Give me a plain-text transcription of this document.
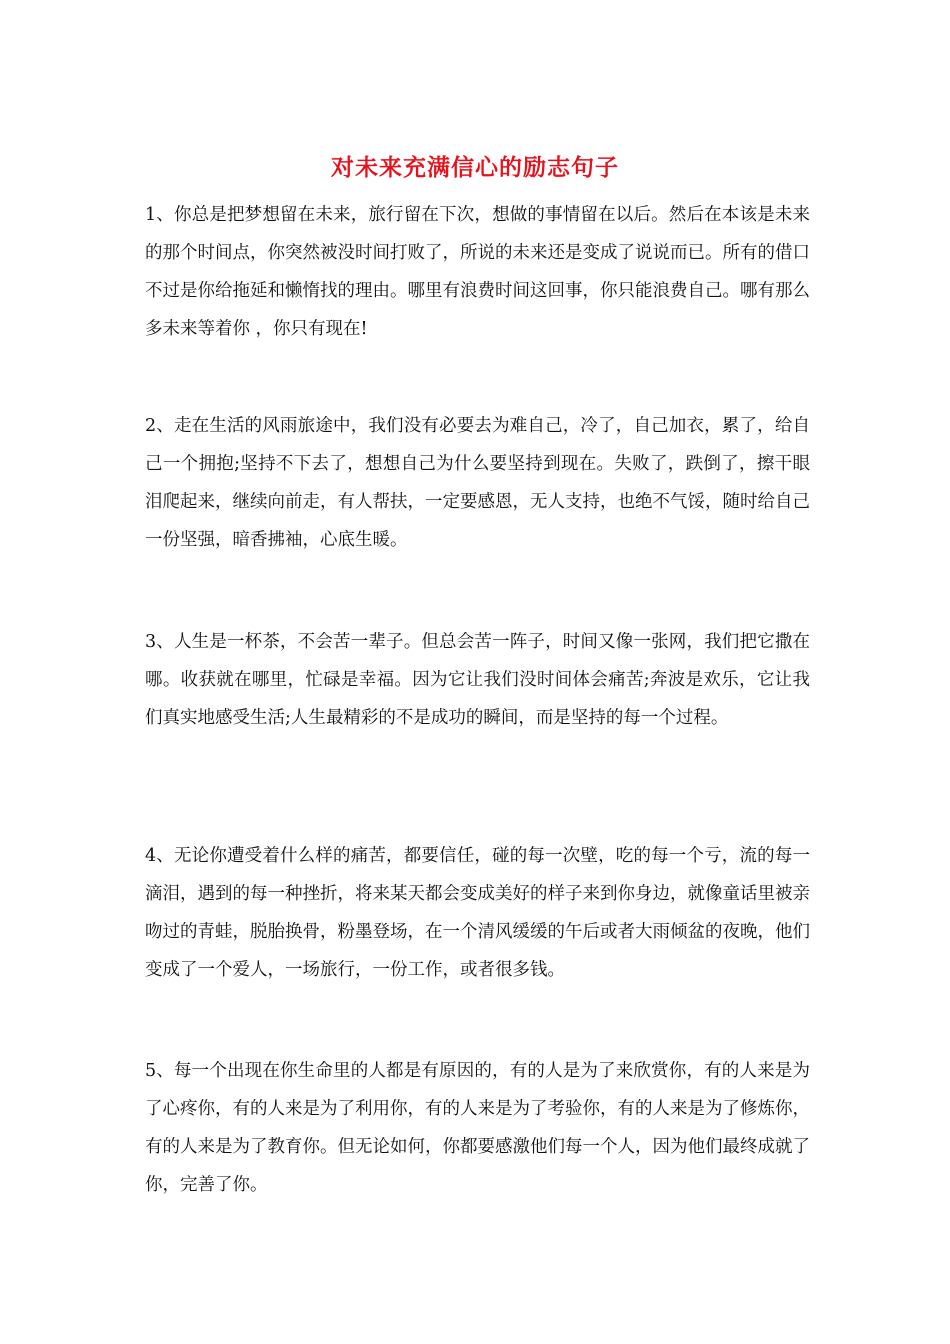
对未来充满信心的励志句子

1、你总是把梦想留在未来，旅行留在下次，想做的事情留在以后。然后在本该是未来的那个时间点，你突然被没时间打败了，所说的未来还是变成了说说而已。所有的借口不过是你给拖延和懒惰找的理由。哪里有浪费时间这回事，你只能浪费自己。哪有那么多未来等着你 ，你只有现在!

2、走在生活的风雨旅途中，我们没有必要去为难自己，冷了，自己加衣，累了，给自己一个拥抱;坚持不下去了，想想自己为什么要坚持到现在。失败了，跌倒了，擦干眼泪爬起来，继续向前走，有人帮扶，一定要感恩，无人支持，也绝不气馁，随时给自己一份坚强，暗香拂袖，心底生暖。

3、人生是一杯茶，不会苦一辈子。但总会苦一阵子，时间又像一张网，我们把它撒在哪。收获就在哪里，忙碌是幸福。因为它让我们没时间体会痛苦;奔波是欢乐，它让我们真实地感受生活;人生最精彩的不是成功的瞬间，而是坚持的每一个过程。

4、无论你遭受着什么样的痛苦，都要信任，碰的每一次壁，吃的每一个亏，流的每一滴泪，遇到的每一种挫折，将来某天都会变成美好的样子来到你身边，就像童话里被亲吻过的青蛙，脱胎换骨，粉墨登场，在一个清风缓缓的午后或者大雨倾盆的夜晚，他们变成了一个爱人，一场旅行，一份工作，或者很多钱。

5、每一个出现在你生命里的人都是有原因的，有的人是为了来欣赏你，有的人来是为了心疼你，有的人来是为了利用你，有的人来是为了考验你，有的人来是为了修炼你，有的人来是为了教育你。但无论如何，你都要感激他们每一个人，因为他们最终成就了你，完善了你。
